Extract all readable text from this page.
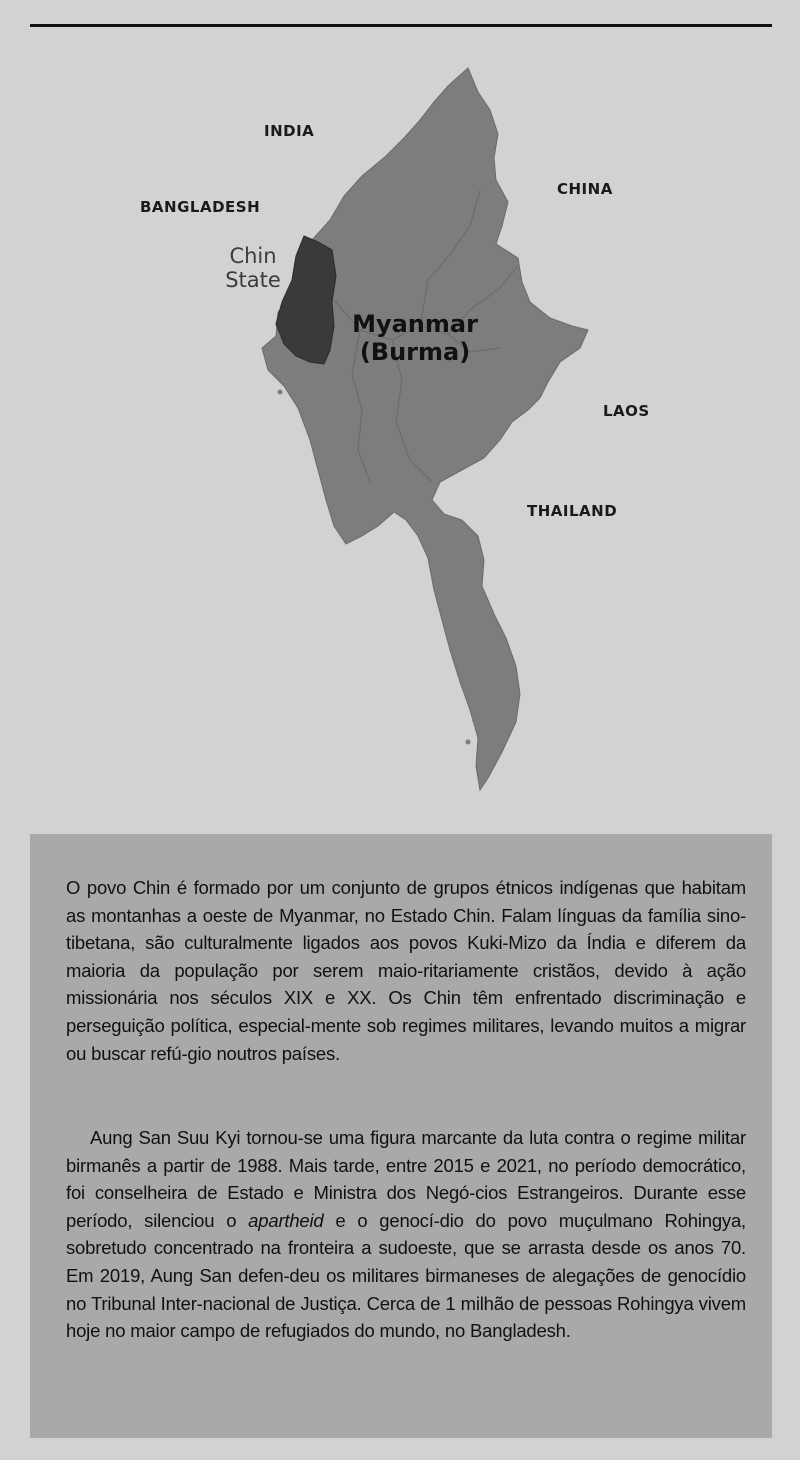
INDIA
CHINA
BANGLADESH
LAOS
THAILAND
Chin
State
Myanmar
(Burma)

O povo Chin é formado por um conjunto de grupos étnicos indígenas que habitam as montanhas a oeste de Myanmar, no Estado Chin. Falam línguas da família sino-tibetana, são culturalmente ligados aos povos Kuki-Mizo da Índia e diferem da maioria da população por serem maio-ritariamente cristãos, devido à ação missionária nos séculos XIX e XX. Os Chin têm enfrentado discriminação e perseguição política, especial-mente sob regimes militares, levando muitos a migrar ou buscar refú-gio noutros países.

Aung San Suu Kyi tornou-se uma figura marcante da luta contra o regime militar birmanês a partir de 1988. Mais tarde, entre 2015 e 2021, no período democrático, foi conselheira de Estado e Ministra dos Negó-cios Estrangeiros. Durante esse período, silenciou o apartheid e o genocí-dio do povo muçulmano Rohingya, sobretudo concentrado na fronteira a sudoeste, que se arrasta desde os anos 70. Em 2019, Aung San defen-deu os militares birmaneses de alegações de genocídio no Tribunal Inter-nacional de Justiça. Cerca de 1 milhão de pessoas Rohingya vivem hoje no maior campo de refugiados do mundo, no Bangladesh.
